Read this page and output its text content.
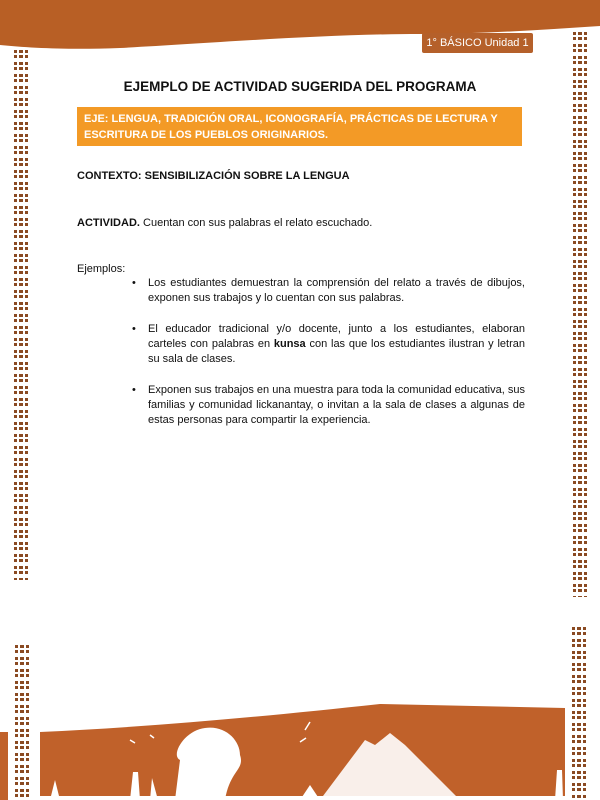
1° BÁSICO Unidad 1
EJEMPLO DE ACTIVIDAD SUGERIDA DEL PROGRAMA
EJE: LENGUA, TRADICIÓN ORAL, ICONOGRAFÍA, PRÁCTICAS DE LECTURA Y ESCRITURA DE LOS PUEBLOS ORIGINARIOS.
CONTEXTO: SENSIBILIZACIÓN SOBRE LA LENGUA
ACTIVIDAD. Cuentan con sus palabras el relato escuchado.
Ejemplos:
• Los estudiantes demuestran la comprensión del relato a través de dibujos, exponen sus trabajos y lo cuentan con sus palabras.
• El educador tradicional y/o docente, junto a los estudiantes, elaboran carteles con palabras en kunsa con las que los estudiantes ilustran y letran su sala de clases.
• Exponen sus trabajos en una muestra para toda la comunidad educativa, sus familias y comunidad lickanantay, o invitan a la sala de clases a algunas de estas personas para compartir la experiencia.
